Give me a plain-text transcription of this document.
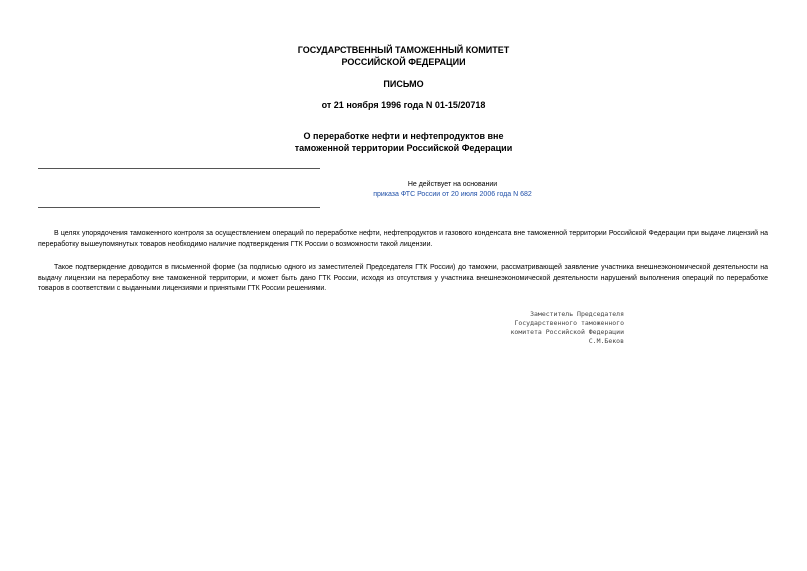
ГОСУДАРСТВЕННЫЙ ТАМОЖЕННЫЙ КОМИТЕТ
РОССИЙСКОЙ ФЕДЕРАЦИИ
ПИСЬМО
от 21 ноября 1996 года N 01-15/20718
О переработке нефти и нефтепродуктов вне
таможенной территории Российской Федерации
Не действует на основании
приказа ФТС России от 20 июля 2006 года N 682
В целях упорядочения таможенного контроля за осуществлением операций по переработке нефти, нефтепродуктов и газового конденсата вне таможенной территории Российской Федерации при выдаче лицензий на переработку вышеупомянутых товаров необходимо наличие подтверждения ГТК России о возможности такой лицензии.
Такое подтверждение доводится в письменной форме (за подписью одного из заместителей Председателя ГТК России) до таможни, рассматривающей заявление участника внешнеэкономической деятельности на выдачу лицензии на переработку вне таможенной территории, и может быть дано ГТК России, исходя из отсутствия у участника внешнеэкономической деятельности нарушений выполнения операций по переработке товаров в соответствии с выданными лицензиями и принятыми ГТК России решениями.
Заместитель Председателя
Государственного таможенного
комитета Российской Федерации
С.М.Беков
